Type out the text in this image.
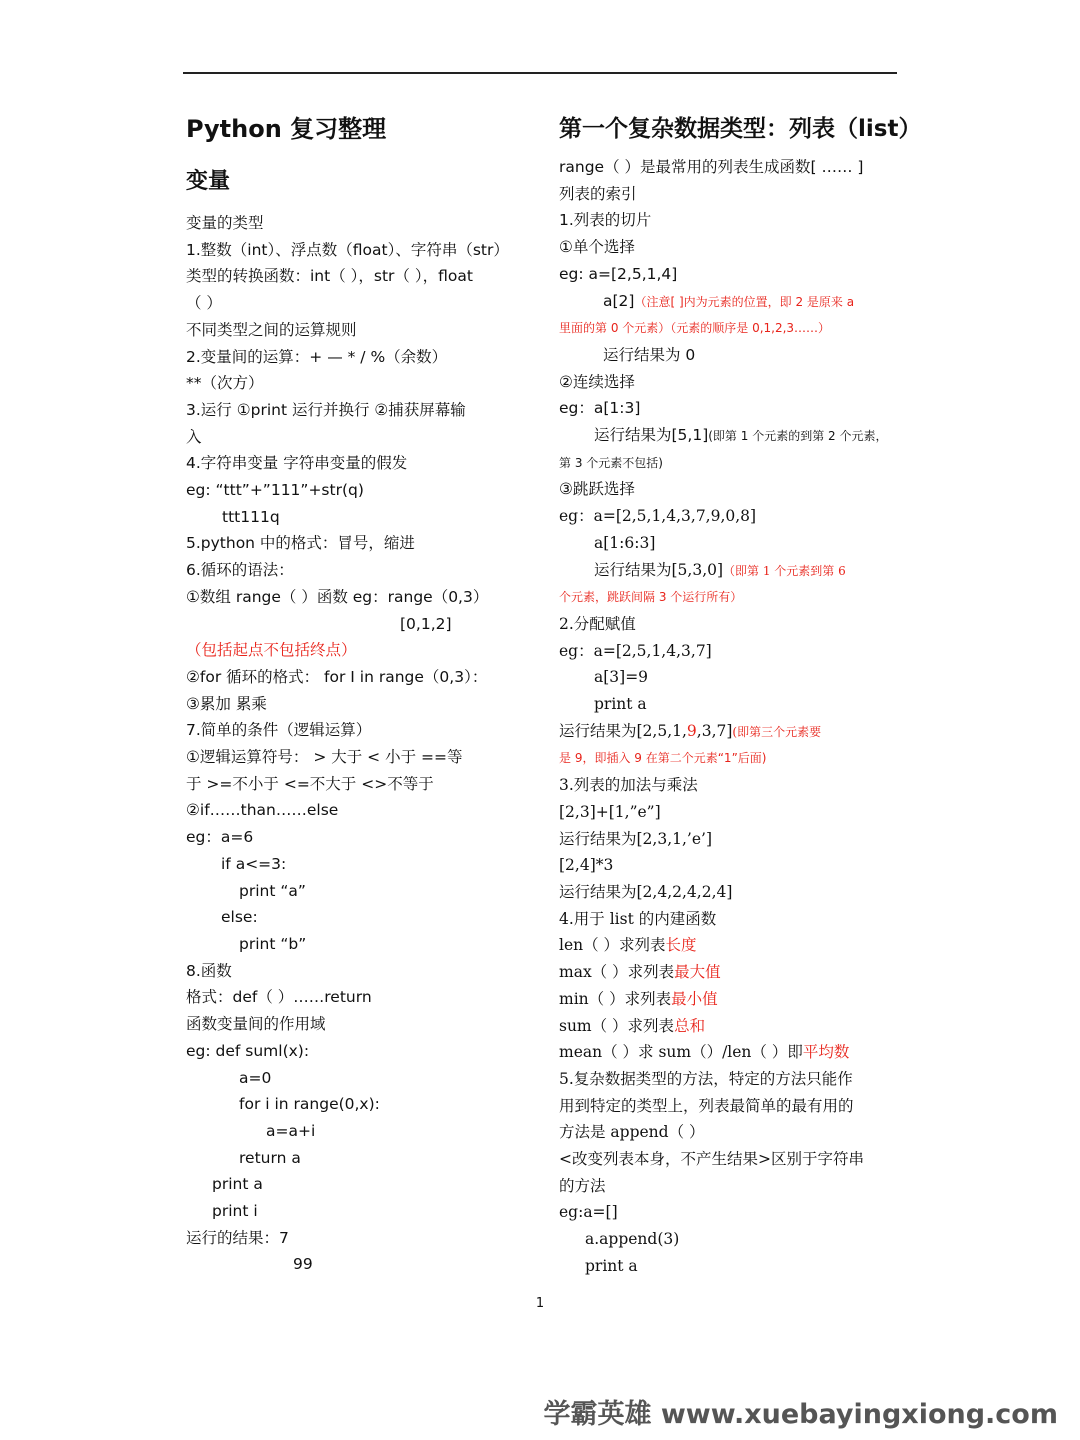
Python 复习整理
变量
变量的类型
1.整数（int）、浮点数（float）、字符串（str）
类型的转换函数：int（ ），str（ ），float
（ ）
不同类型之间的运算规则
2.变量间的运算：+ — * / %（余数）
**（次方）
3.运行 ①print 运行并换行 ②捕获屏幕输
入
4.字符串变量 字符串变量的假发
eg: “ttt”+”111”+str(q)
ttt111q
5.python 中的格式：冒号，缩进
6.循环的语法：
①数组 range（ ）函数 eg：range（0,3）
[0,1,2]
（包括起点不包括终点）
②for 循环的格式： for I in range（0,3）：
③累加 累乘
7.简单的条件（逻辑运算）
①逻辑运算符号： > 大于 < 小于 ==等
于 >=不小于 <=不大于 <>不等于
②if……than……else
eg：a=6
if a<=3:
print “a”
else:
print “b”
8.函数
格式：def（ ）……return
函数变量间的作用域
eg: def suml(x):
a=0
for i in range(0,x):
a=a+i
return a
print a
print i
运行的结果：7
99
第一个复杂数据类型：列表（list）
range（ ）是最常用的列表生成函数[ …… ]
列表的索引
1.列表的切片
①单个选择
eg: a=[2,5,1,4]
a[2]（注意[ ]内为元素的位置，即 2 是原来 a
里面的第 0 个元素）（元素的顺序是 0,1,2,3……）
运行结果为 0
②连续选择
eg：a[1:3]
运行结果为[5,1](即第 1 个元素的到第 2 个元素，
第 3 个元素不包括)
③跳跃选择
eg：a=[2,5,1,4,3,7,9,0,8]
a[1:6:3]
运行结果为[5,3,0]（即第 1 个元素到第 6
个元素，跳跃间隔 3 个运行所有）
2.分配赋值
eg：a=[2,5,1,4,3,7]
a[3]=9
print a
运行结果为[2,5,1,9,3,7](即第三个元素要
是 9，即插入 9 在第二个元素“1”后面)
3.列表的加法与乘法
[2,3]+[1,”e”]
运行结果为[2,3,1,’e’]
[2,4]*3
运行结果为[2,4,2,4,2,4]
4.用于 list 的内建函数
len（ ）求列表长度
max（ ）求列表最大值
min（ ）求列表最小值
sum（ ）求列表总和
mean（ ）求 sum（）/len（ ）即平均数
5.复杂数据类型的方法，特定的方法只能作
用到特定的类型上，列表最简单的最有用的
方法是 append（ ）
<改变列表本身，不产生结果>区别于字符串
的方法
eg:a=[]
a.append(3)
print a
1
学霸英雄 www.xuebayingxiong.com
